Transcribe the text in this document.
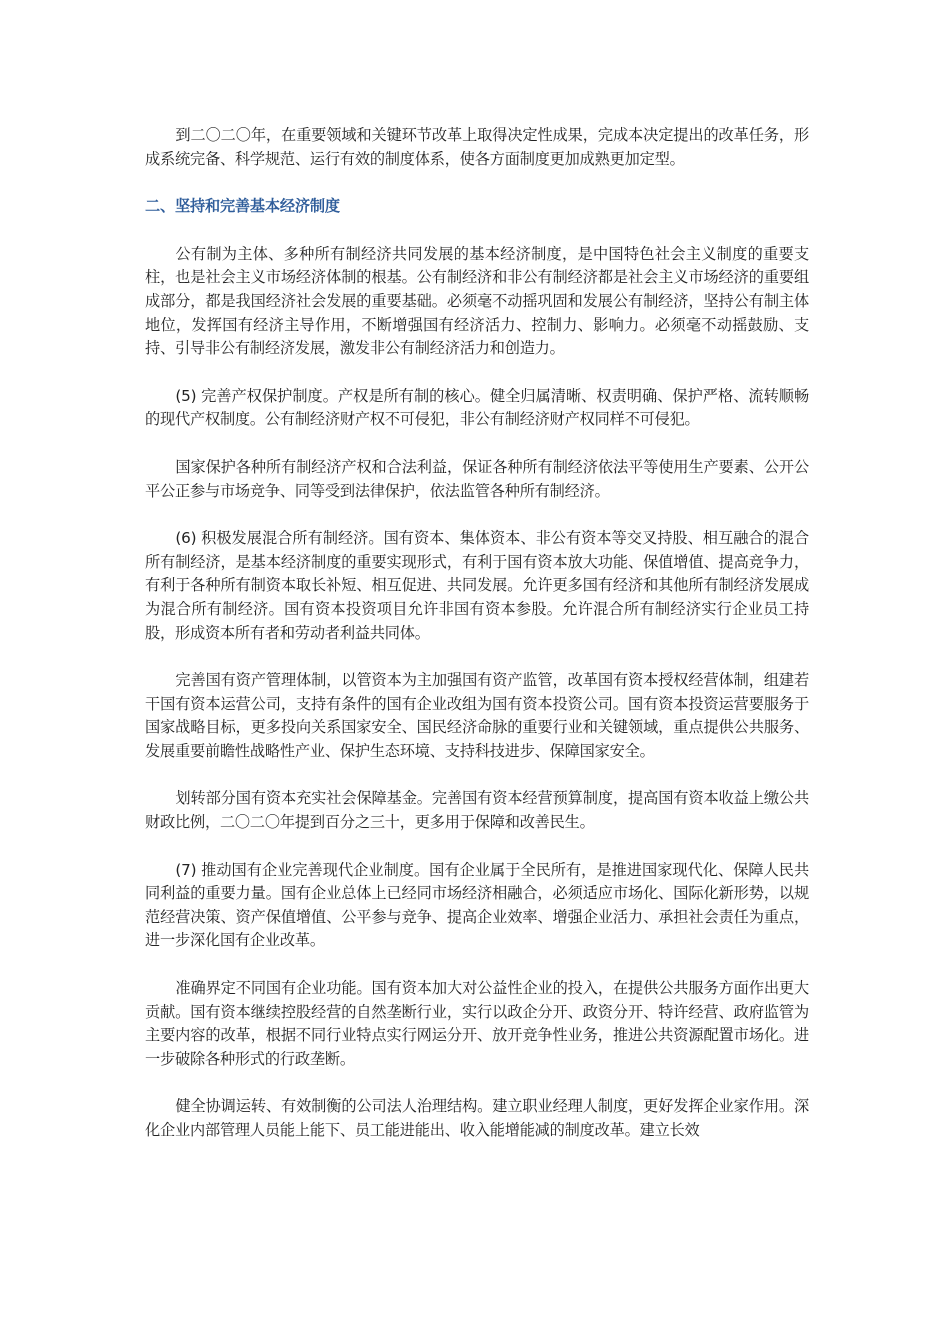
到二〇二〇年，在重要领域和关键环节改革上取得决定性成果，完成本决定提出的改革任务，形成系统完备、科学规范、运行有效的制度体系，使各方面制度更加成熟更加定型。

二、坚持和完善基本经济制度

公有制为主体、多种所有制经济共同发展的基本经济制度，是中国特色社会主义制度的重要支柱，也是社会主义市场经济体制的根基。公有制经济和非公有制经济都是社会主义市场经济的重要组成部分，都是我国经济社会发展的重要基础。必须毫不动摇巩固和发展公有制经济，坚持公有制主体地位，发挥国有经济主导作用，不断增强国有经济活力、控制力、影响力。必须毫不动摇鼓励、支持、引导非公有制经济发展，激发非公有制经济活力和创造力。

(5) 完善产权保护制度。产权是所有制的核心。健全归属清晰、权责明确、保护严格、流转顺畅的现代产权制度。公有制经济财产权不可侵犯，非公有制经济财产权同样不可侵犯。

国家保护各种所有制经济产权和合法利益，保证各种所有制经济依法平等使用生产要素、公开公平公正参与市场竞争、同等受到法律保护，依法监管各种所有制经济。

(6) 积极发展混合所有制经济。国有资本、集体资本、非公有资本等交叉持股、相互融合的混合所有制经济，是基本经济制度的重要实现形式，有利于国有资本放大功能、保值增值、提高竞争力，有利于各种所有制资本取长补短、相互促进、共同发展。允许更多国有经济和其他所有制经济发展成为混合所有制经济。国有资本投资项目允许非国有资本参股。允许混合所有制经济实行企业员工持股，形成资本所有者和劳动者利益共同体。

完善国有资产管理体制，以管资本为主加强国有资产监管，改革国有资本授权经营体制，组建若干国有资本运营公司，支持有条件的国有企业改组为国有资本投资公司。国有资本投资运营要服务于国家战略目标，更多投向关系国家安全、国民经济命脉的重要行业和关键领域，重点提供公共服务、发展重要前瞻性战略性产业、保护生态环境、支持科技进步、保障国家安全。

划转部分国有资本充实社会保障基金。完善国有资本经营预算制度，提高国有资本收益上缴公共财政比例，二〇二〇年提到百分之三十，更多用于保障和改善民生。

(7) 推动国有企业完善现代企业制度。国有企业属于全民所有，是推进国家现代化、保障人民共同利益的重要力量。国有企业总体上已经同市场经济相融合，必须适应市场化、国际化新形势，以规范经营决策、资产保值增值、公平参与竞争、提高企业效率、增强企业活力、承担社会责任为重点，进一步深化国有企业改革。

准确界定不同国有企业功能。国有资本加大对公益性企业的投入，在提供公共服务方面作出更大贡献。国有资本继续控股经营的自然垄断行业，实行以政企分开、政资分开、特许经营、政府监管为主要内容的改革，根据不同行业特点实行网运分开、放开竞争性业务，推进公共资源配置市场化。进一步破除各种形式的行政垄断。

健全协调运转、有效制衡的公司法人治理结构。建立职业经理人制度，更好发挥企业家作用。深化企业内部管理人员能上能下、员工能进能出、收入能增能减的制度改革。建立长效
